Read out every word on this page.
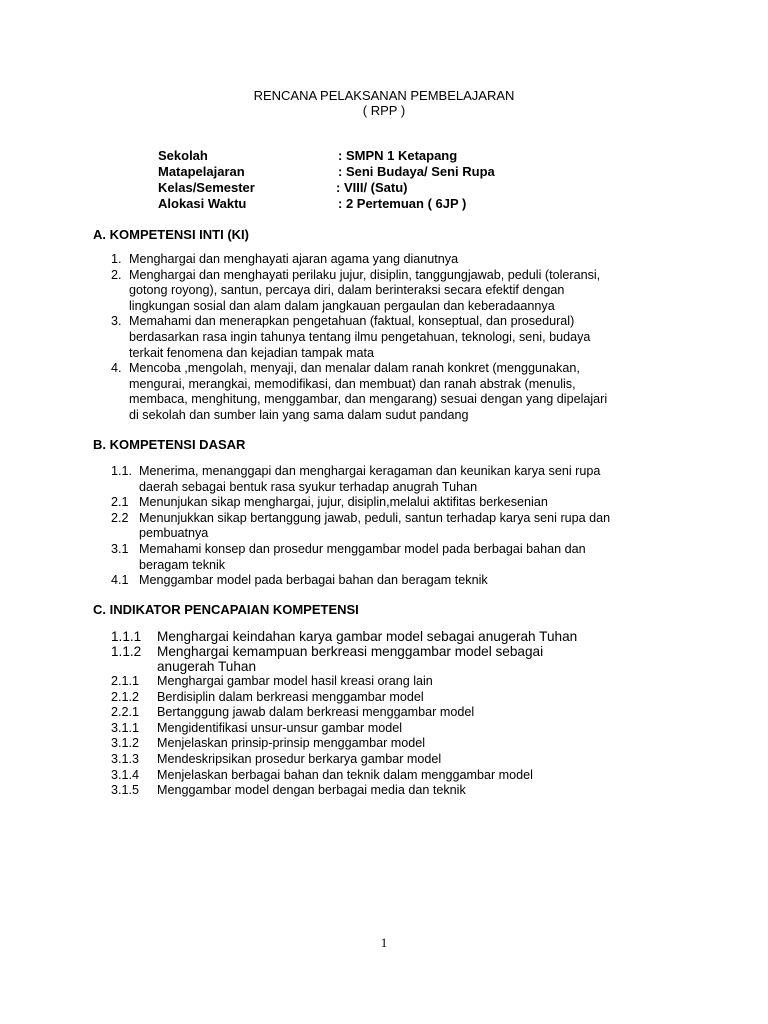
RENCANA PELAKSANAN PEMBELAJARAN
( RPP )
Sekolah	: SMPN 1 Ketapang
Matapelajaran	: Seni Budaya/ Seni Rupa
Kelas/Semester	: VIII/ (Satu)
Alokasi Waktu	: 2 Pertemuan ( 6JP )
A. KOMPETENSI INTI (KI)
1. Menghargai dan menghayati ajaran agama yang dianutnya
2. Menghargai dan menghayati perilaku jujur, disiplin, tanggungjawab, peduli (toleransi,
gotong royong), santun, percaya diri, dalam berinteraksi secara efektif dengan
lingkungan sosial dan alam dalam jangkauan pergaulan dan keberadaannya
3. Memahami dan menerapkan pengetahuan (faktual, konseptual, dan prosedural)
berdasarkan rasa ingin tahunya tentang ilmu pengetahuan, teknologi, seni, budaya
terkait fenomena dan kejadian tampak mata
4. Mencoba ,mengolah, menyaji, dan menalar dalam ranah konkret (menggunakan,
mengurai, merangkai, memodifikasi, dan membuat) dan ranah abstrak (menulis,
membaca, menghitung, menggambar, dan mengarang) sesuai dengan yang dipelajari
di sekolah dan sumber lain yang sama dalam sudut pandang
B. KOMPETENSI DASAR
1.1. Menerima, menanggapi dan menghargai keragaman dan keunikan karya seni rupa
daerah sebagai bentuk rasa syukur terhadap anugrah Tuhan
2.1 Menunjukan sikap menghargai, jujur, disiplin,melalui aktifitas berkesenian
2.2 Menunjukkan sikap bertanggung jawab, peduli, santun terhadap karya seni rupa dan
pembuatnya
3.1 Memahami konsep dan prosedur menggambar model pada berbagai bahan dan
beragam teknik
4.1 Menggambar model pada berbagai bahan dan beragam teknik
C. INDIKATOR PENCAPAIAN KOMPETENSI
1.1.1 Menghargai keindahan karya gambar model sebagai anugerah Tuhan
1.1.2 Menghargai kemampuan berkreasi menggambar model sebagai
anugerah Tuhan
2.1.1 Menghargai gambar model hasil kreasi orang lain
2.1.2 Berdisiplin dalam berkreasi menggambar model
2.2.1 Bertanggung jawab dalam berkreasi menggambar model
3.1.1 Mengidentifikasi unsur-unsur gambar model
3.1.2 Menjelaskan prinsip-prinsip menggambar model
3.1.3 Mendeskripsikan prosedur berkarya gambar model
3.1.4 Menjelaskan berbagai bahan dan teknik dalam menggambar model
3.1.5 Menggambar model dengan berbagai media dan teknik
1
